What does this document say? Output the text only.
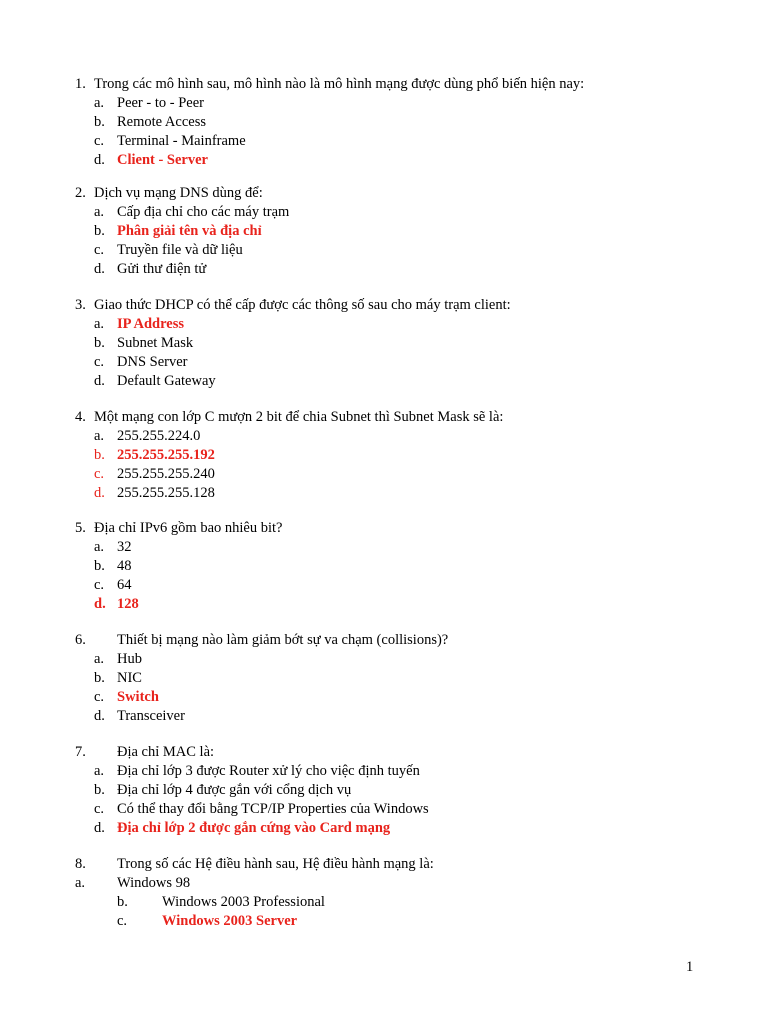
1. Trong các mô hình sau, mô hình nào là mô hình mạng được dùng phổ biến hiện nay:
a. Peer - to - Peer
b. Remote Access
c. Terminal - Mainframe
d. Client - Server
2. Dịch vụ mạng DNS dùng để:
a. Cấp địa chỉ cho các máy trạm
b. Phân giải tên và địa chỉ
c. Truyền file và dữ liệu
d. Gửi thư điện tử
3. Giao thức DHCP có thể cấp được các thông số sau cho máy trạm client:
a. IP Address
b. Subnet Mask
c. DNS Server
d. Default Gateway
4. Một mạng con lớp C mượn 2 bit để chia Subnet thì Subnet Mask sẽ là:
a. 255.255.224.0
b. 255.255.255.192
c. 255.255.255.240
d. 255.255.255.128
5. Địa chỉ IPv6 gồm bao nhiêu bit?
a. 32
b. 48
c. 64
d. 128
6. Thiết bị mạng nào làm giảm bớt sự va chạm (collisions)?
a. Hub
b. NIC
c. Switch
d. Transceiver
7. Địa chỉ MAC là:
a. Địa chỉ lớp 3 được Router xử lý cho việc định tuyến
b. Địa chỉ lớp 4 được gắn với cổng dịch vụ
c. Có thể thay đổi bằng TCP/IP Properties của Windows
d. Địa chỉ lớp 2 được gắn cứng vào Card mạng
8. Trong số các Hệ điều hành sau, Hệ điều hành mạng là:
a. Windows 98
b. Windows 2003 Professional
c. Windows 2003 Server
1
